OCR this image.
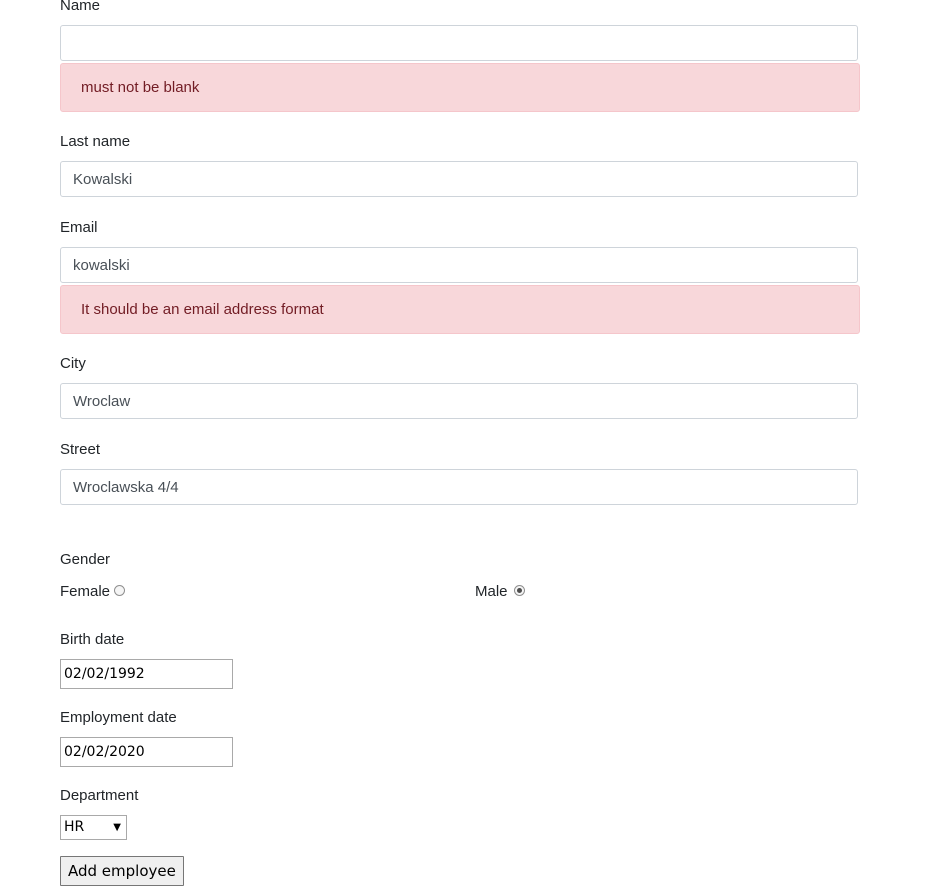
Name
must not be blank
Last name
Kowalski
Email
kowalski
It should be an email address format
City
Wroclaw
Street
Wroclawska 4/4
Gender
Female	Male
Birth date
02/02/1992
Employment date
02/02/2020
Department
HR	▼
Add employee
